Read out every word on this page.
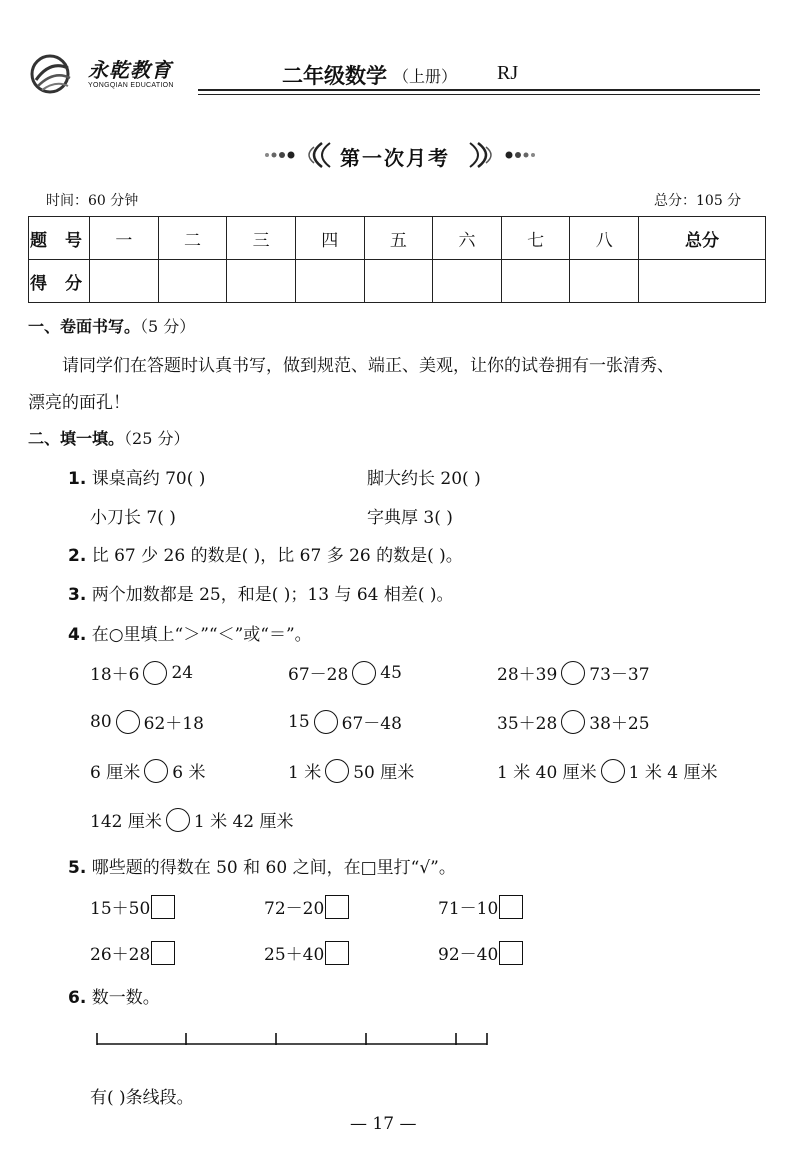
永乾教育
YONGQIAN EDUCATION	二年级数学 （上册） RJ
第一次月考
时间：60 分钟	总分：105 分
题 号	一	二	三	四	五	六	七	八	总分
得 分									
一、卷面书写。（5 分）
请同学们在答题时认真书写，做到规范、端正、美观，让你的试卷拥有一张清秀、
漂亮的面孔！
二、填一填。（25 分）
1. 课桌高约 70( )	脚大约长 20( )
小刀长 7( )	字典厚 3( )
2. 比 67 少 26 的数是( )，比 67 多 26 的数是( )。
3. 两个加数都是 25，和是( )；13 与 64 相差( )。
4. 在○里填上“＞”“＜”或“＝”。
18＋6 24	67－28 45	28＋39 73－37
80 62＋18	15 67－48	35＋28 38＋25
6 厘米 6 米	1 米 50 厘米	1 米 40 厘米 1 米 4 厘米
142 厘米 1 米 42 厘米
5. 哪些题的得数在 50 和 60 之间，在□里打“√”。
15＋50	72－20	71－10
26＋28	25＋40	92－40
6. 数一数。
有( )条线段。
— 17 —
